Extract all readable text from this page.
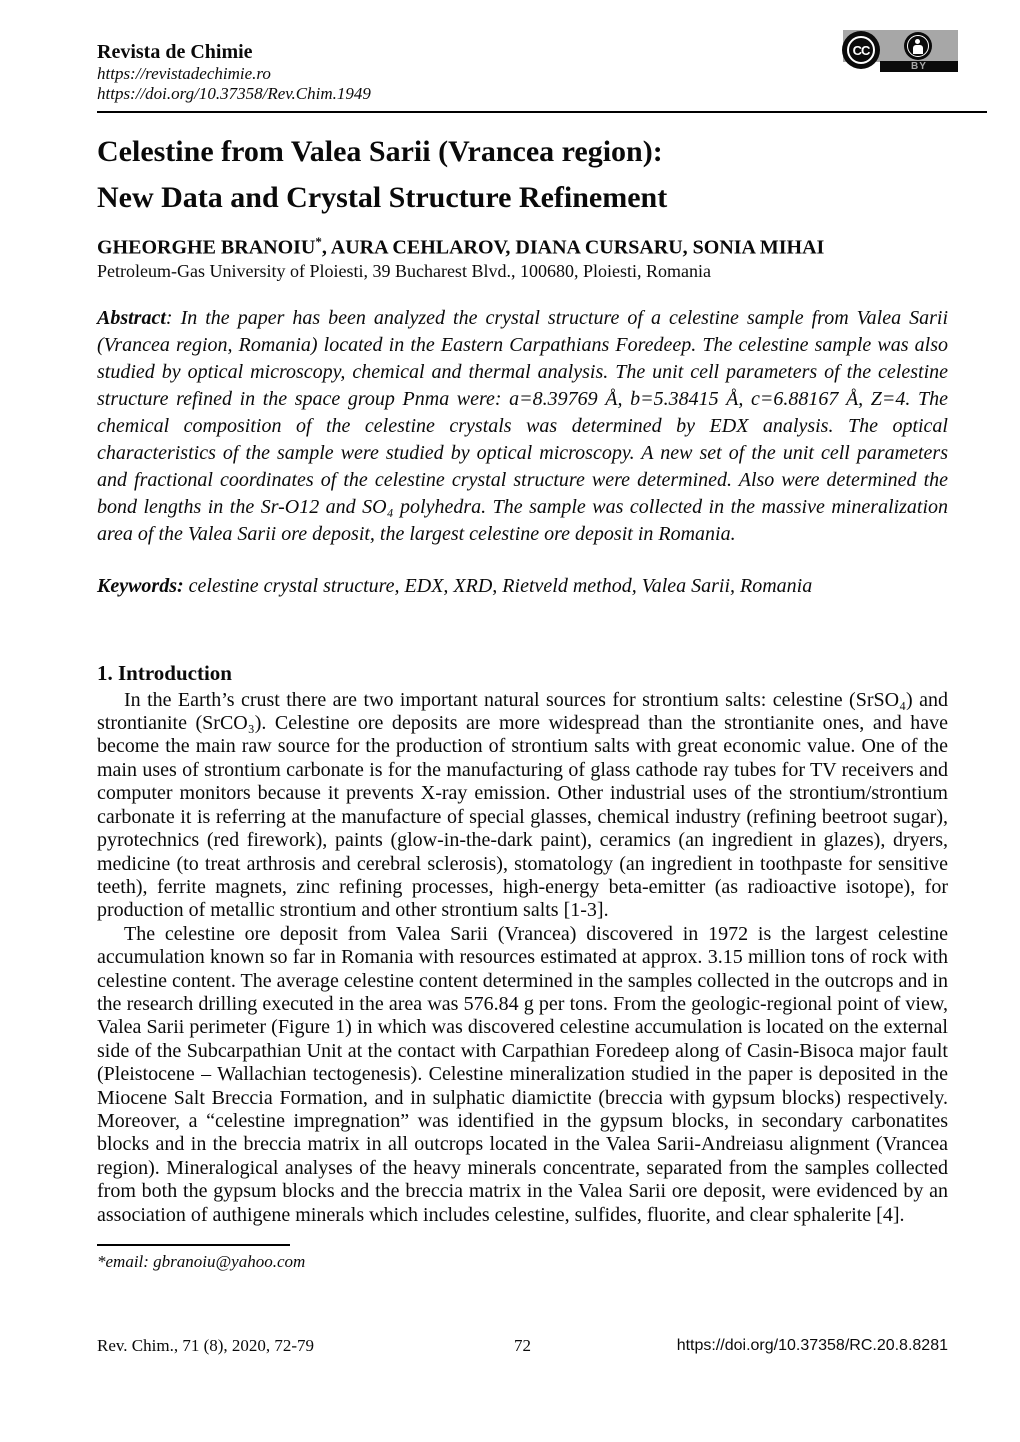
BY
CC
Revista de Chimie
https://revistadechimie.ro
https://doi.org/10.37358/Rev.Chim.1949
Celestine from Valea Sarii (Vrancea region):
New Data and Crystal Structure Refinement
GHEORGHE BRANOIU*, AURA CEHLAROV, DIANA CURSARU, SONIA MIHAI
Petroleum-Gas University of Ploiesti, 39 Bucharest Blvd., 100680, Ploiesti, Romania
Abstract: In the paper has been analyzed the crystal structure of a celestine sample from Valea Sarii (Vrancea region, Romania) located in the Eastern Carpathians Foredeep. The celestine sample was also studied by optical microscopy, chemical and thermal analysis. The unit cell parameters of the celestine structure refined in the space group Pnma were: a=8.39769 Å, b=5.38415 Å, c=6.88167 Å, Z=4. The chemical composition of the celestine crystals was determined by EDX analysis. The optical characteristics of the sample were studied by optical microscopy. A new set of the unit cell parameters and fractional coordinates of the celestine crystal structure were determined. Also were determined the bond lengths in the Sr-O12 and SO₄ polyhedra. The sample was collected in the massive mineralization area of the Valea Sarii ore deposit, the largest celestine ore deposit in Romania.
Keywords: celestine crystal structure, EDX, XRD, Rietveld method, Valea Sarii, Romania
1. Introduction

In the Earth’s crust there are two important natural sources for strontium salts: celestine (SrSO₄) and strontianite (SrCO₃). Celestine ore deposits are more widespread than the strontianite ones, and have become the main raw source for the production of strontium salts with great economic value. One of the main uses of strontium carbonate is for the manufacturing of glass cathode ray tubes for TV receivers and computer monitors because it prevents X-ray emission. Other industrial uses of the strontium/strontium carbonate it is referring at the manufacture of special glasses, chemical industry (refining beetroot sugar), pyrotechnics (red firework), paints (glow-in-the-dark paint), ceramics (an ingredient in glazes), dryers, medicine (to treat arthrosis and cerebral sclerosis), stomatology (an ingredient in toothpaste for sensitive teeth), ferrite magnets, zinc refining processes, high-energy beta-emitter (as radioactive isotope), for production of metallic strontium and other strontium salts [1-3].

The celestine ore deposit from Valea Sarii (Vrancea) discovered in 1972 is the largest celestine accumulation known so far in Romania with resources estimated at approx. 3.15 million tons of rock with celestine content. The average celestine content determined in the samples collected in the outcrops and in the research drilling executed in the area was 576.84 g per tons. From the geologic-regional point of view, Valea Sarii perimeter (Figure 1) in which was discovered celestine accumulation is located on the external side of the Subcarpathian Unit at the contact with Carpathian Foredeep along of Casin-Bisoca major fault (Pleistocene – Wallachian tectogenesis). Celestine mineralization studied in the paper is deposited in the Miocene Salt Breccia Formation, and in sulphatic diamictite (breccia with gypsum blocks) respectively. Moreover, a “celestine impregnation” was identified in the gypsum blocks, in secondary carbonatites blocks and in the breccia matrix in all outcrops located in the Valea Sarii-Andreiasu alignment (Vrancea region). Mineralogical analyses of the heavy minerals concentrate, separated from the samples collected from both the gypsum blocks and the breccia matrix in the Valea Sarii ore deposit, were evidenced by an association of authigene minerals which includes celestine, sulfides, fluorite, and clear sphalerite [4].

*email: gbranoiu@yahoo.com
Rev. Chim., 71 (8), 2020, 72-79	72	https://doi.org/10.37358/RC.20.8.8281
